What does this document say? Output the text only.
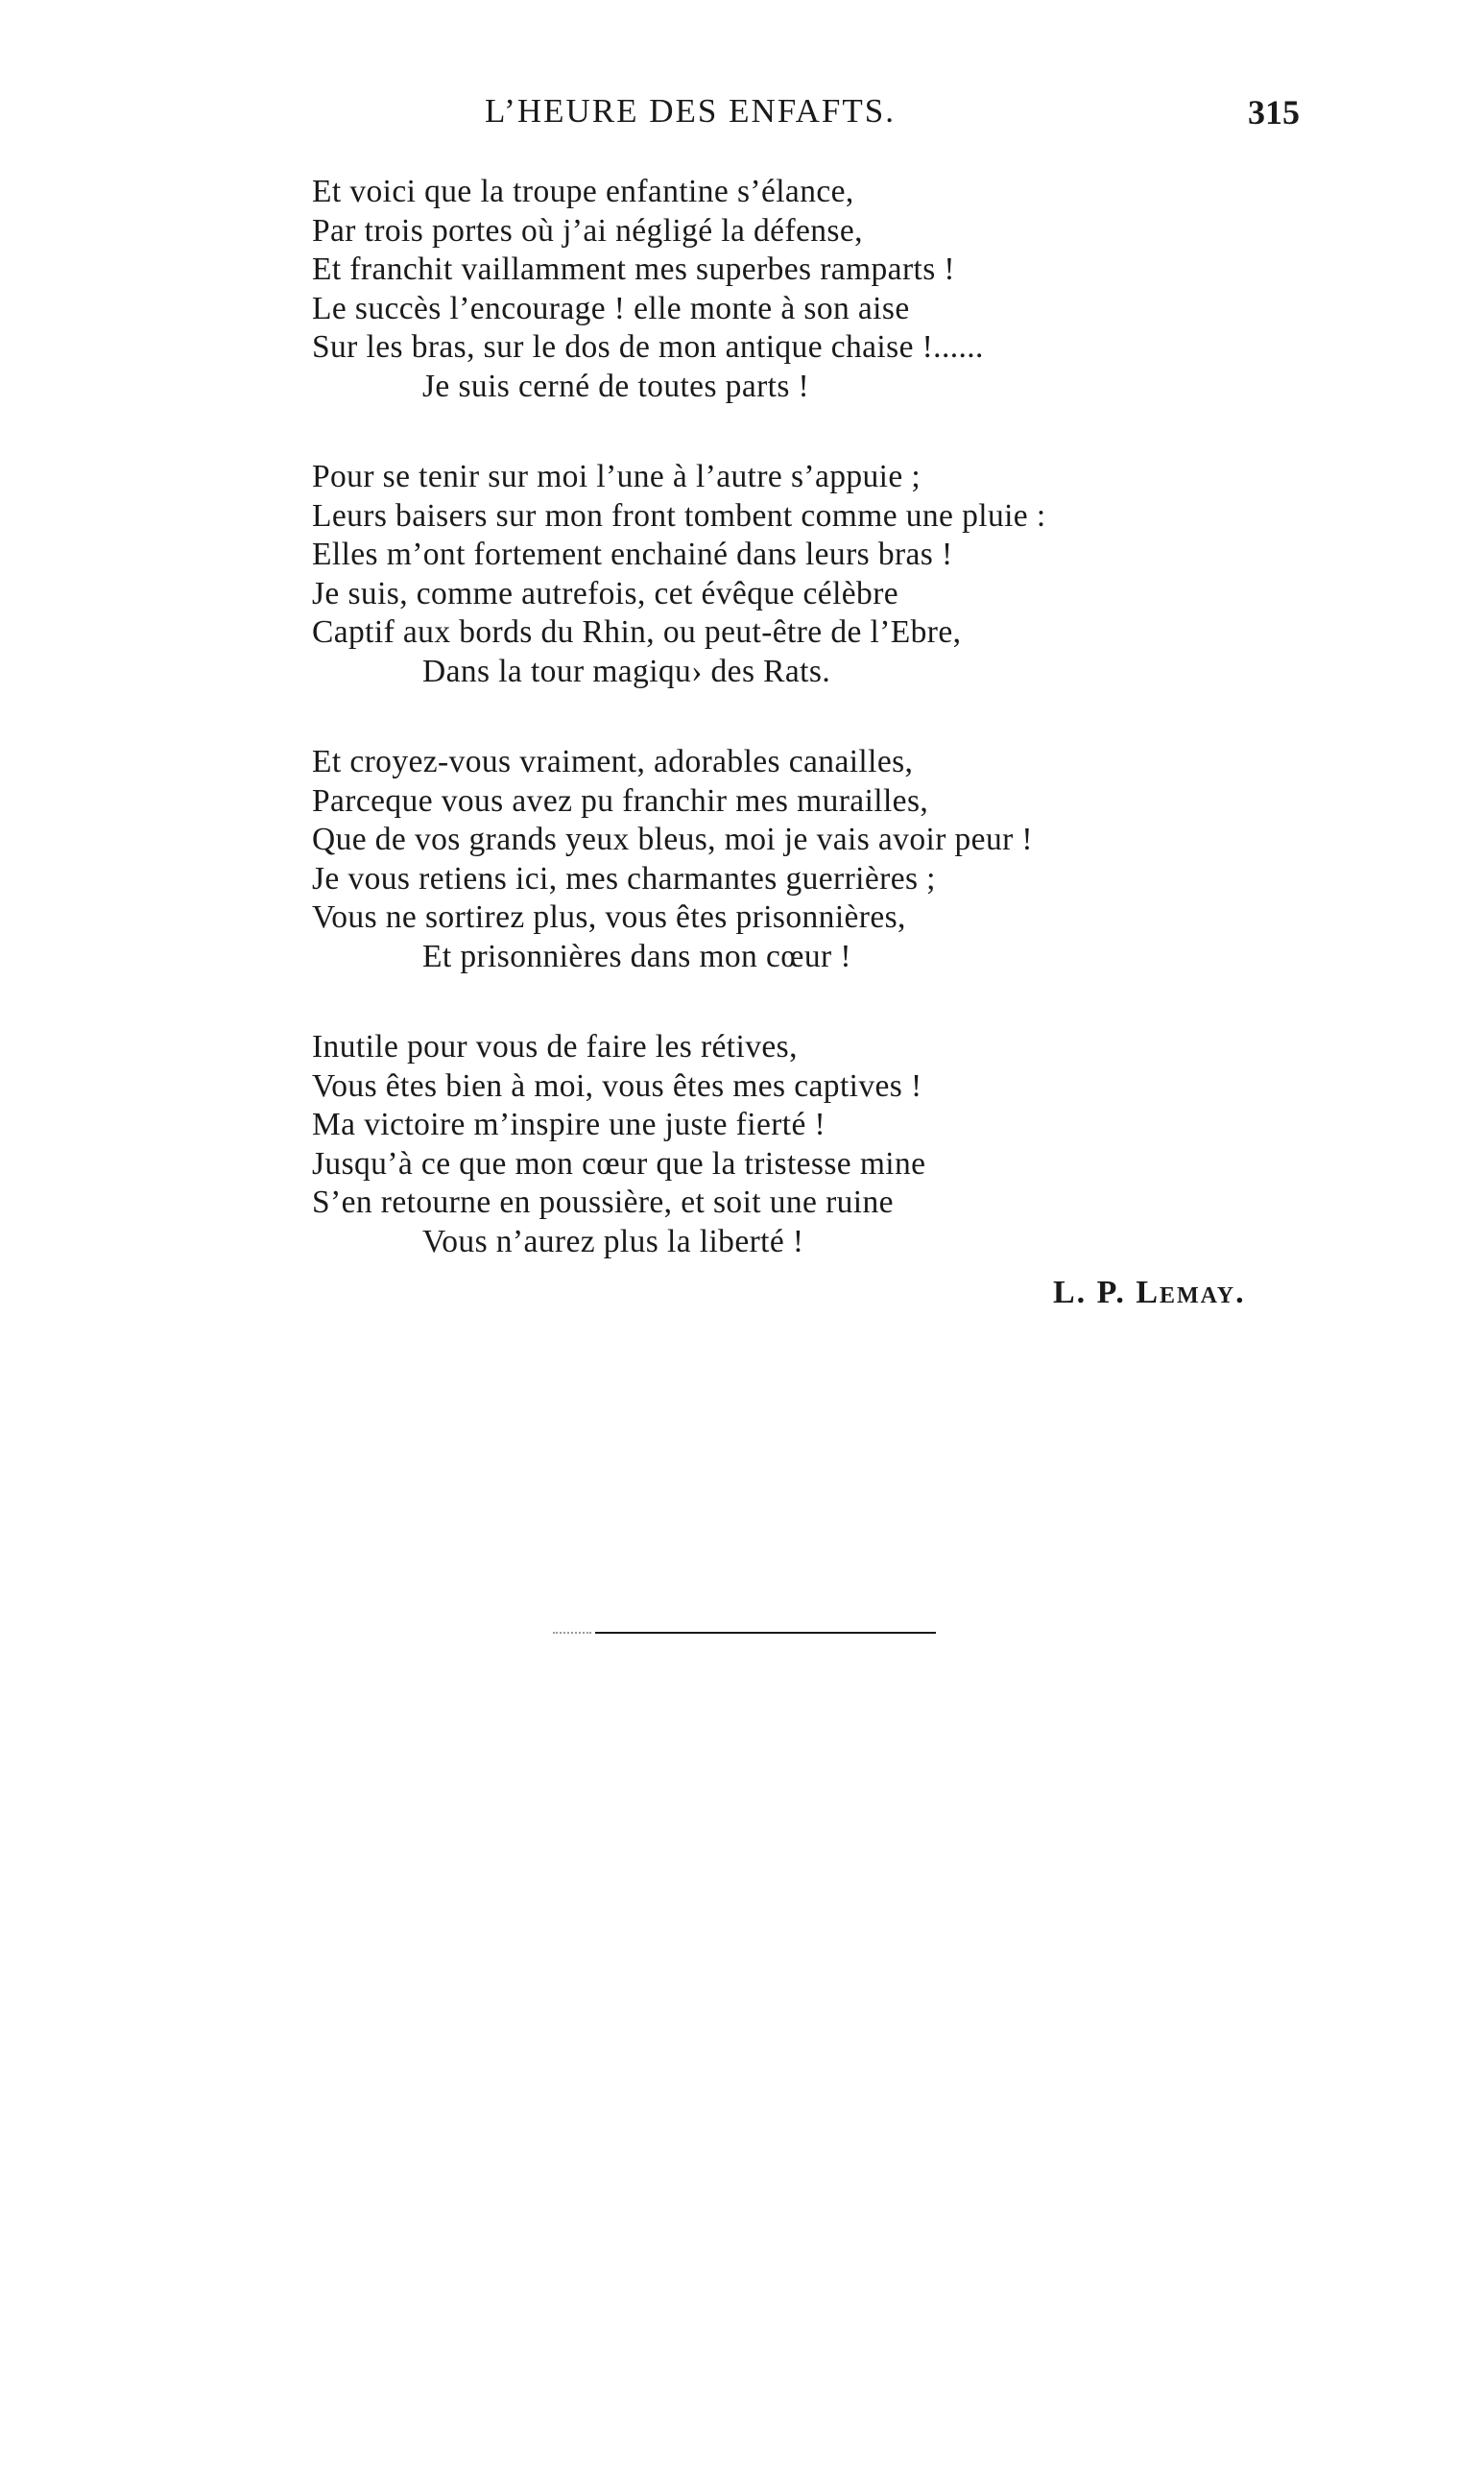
L’HEURE DES ENFAFTS.	315
Et voici que la troupe enfantine s’élance,
Par trois portes où j’ai négligé la défense,
Et franchit vaillamment mes superbes ramparts !
Le succès l’encourage ! elle monte à son aise
Sur les bras, sur le dos de mon antique chaise !......
Je suis cerné de toutes parts !
Pour se tenir sur moi l’une à l’autre s’appuie ;
Leurs baisers sur mon front tombent comme une pluie :
Elles m’ont fortement enchainé dans leurs bras !
Je suis, comme autrefois, cet évêque célèbre
Captif aux bords du Rhin, ou peut-être de l’Ebre,
Dans la tour magiqu› des Rats.
Et croyez-vous vraiment, adorables canailles,
Parceque vous avez pu franchir mes murailles,
Que de vos grands yeux bleus, moi je vais avoir peur !
Je vous retiens ici, mes charmantes guerrières ;
Vous ne sortirez plus, vous êtes prisonnières,
Et prisonnières dans mon cœur !
Inutile pour vous de faire les rétives,
Vous êtes bien à moi, vous êtes mes captives !
Ma victoire m’inspire une juste fierté !
Jusqu’à ce que mon cœur que la tristesse mine
S’en retourne en poussière, et soit une ruine
Vous n’aurez plus la liberté !
L. P. Lemay.
